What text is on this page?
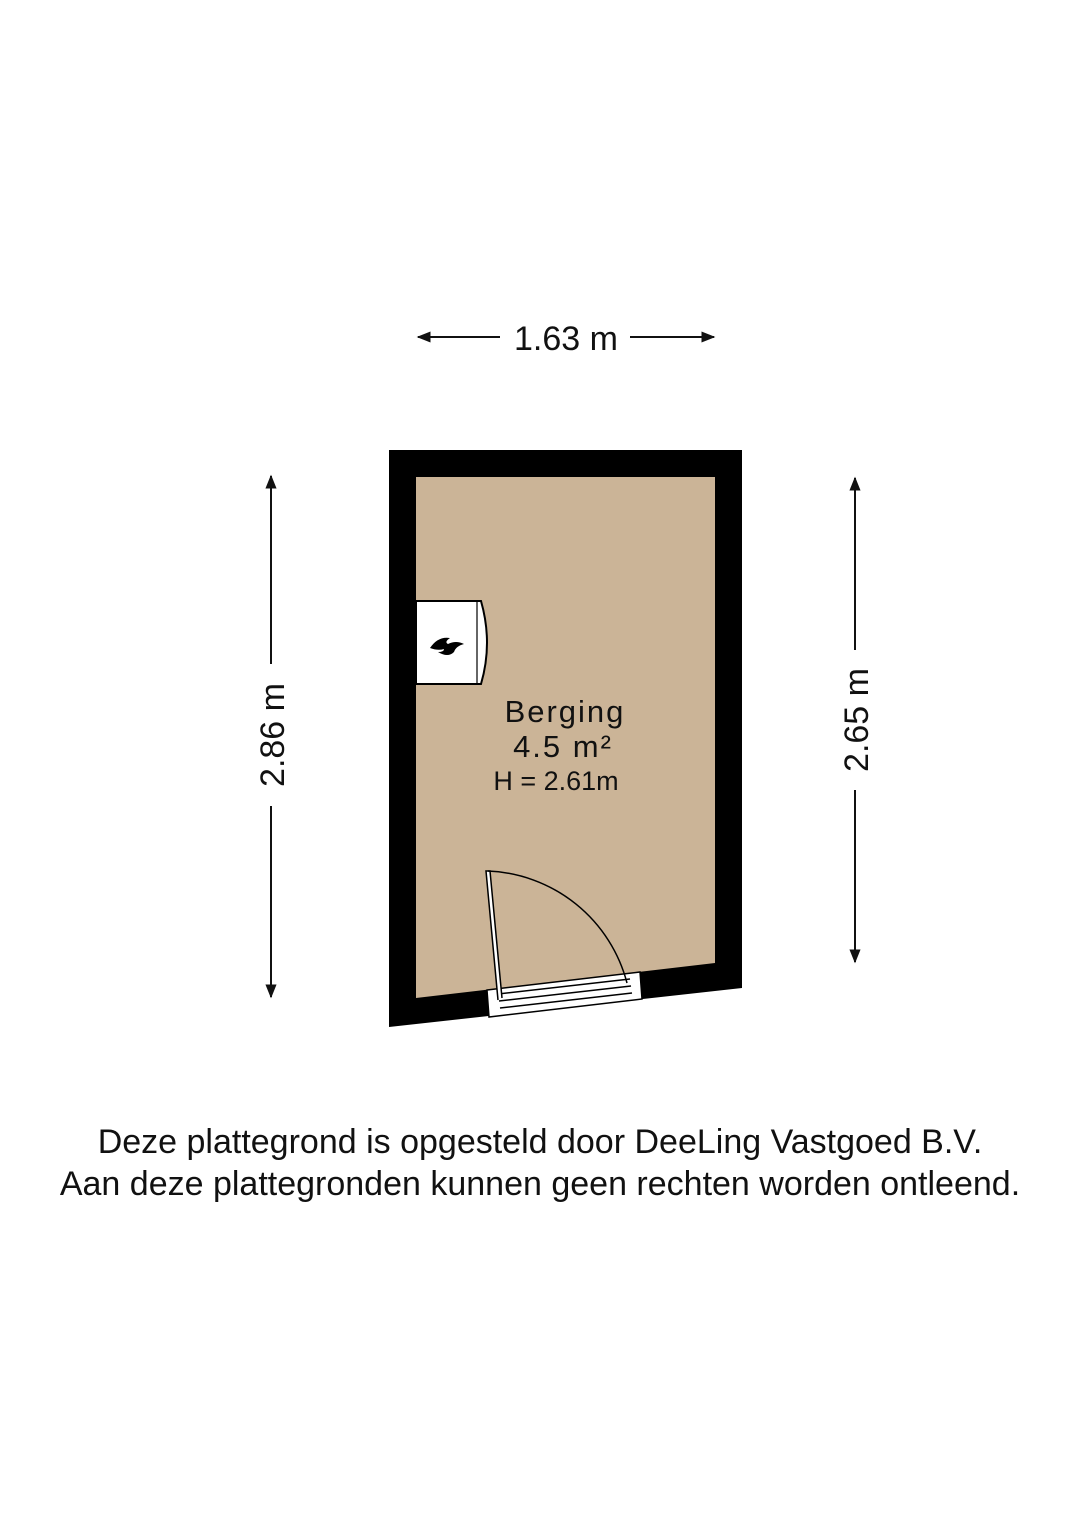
1.63 m
2.86 m	2.65 m
Berging
4.5 m²
H = 2.61m
Deze plattegrond is opgesteld door DeeLing Vastgoed B.V.
Aan deze plattegronden kunnen geen rechten worden ontleend.
